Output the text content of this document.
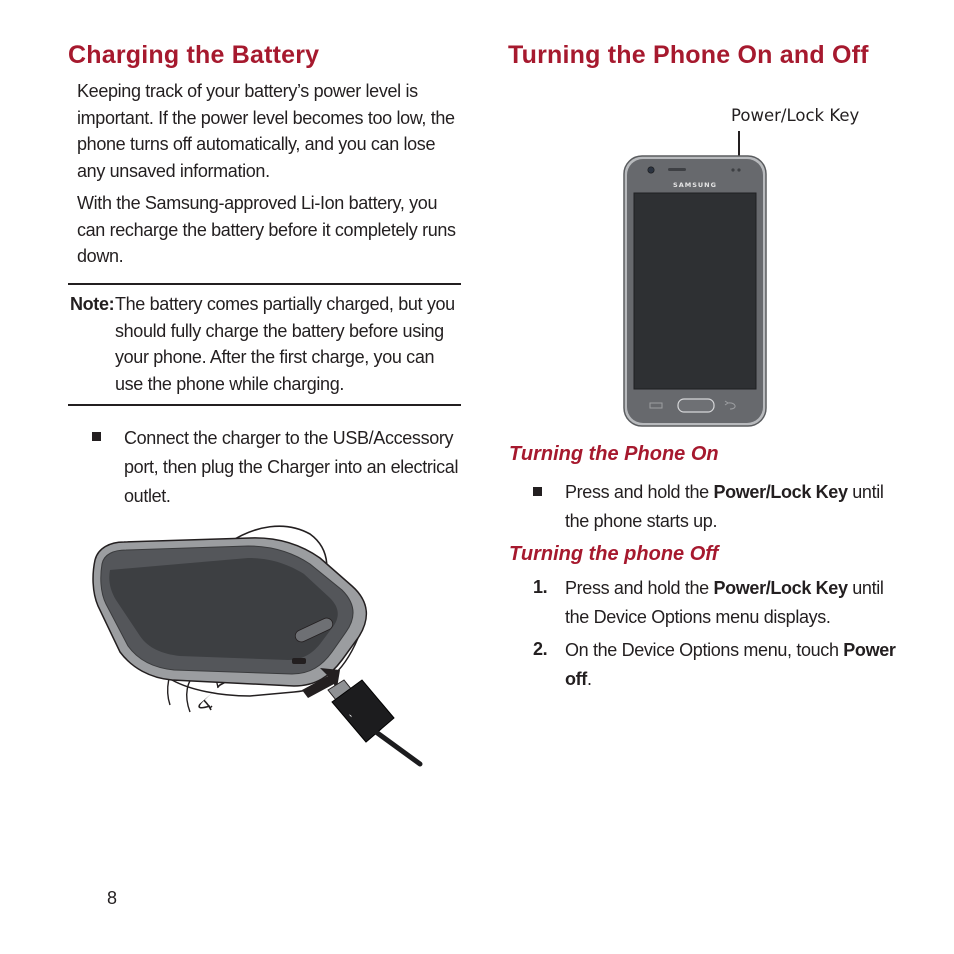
Charging the Battery
Keeping track of your battery’s power level is important. If the power level becomes too low, the phone turns off automatically, and you can lose any unsaved information.
With the Samsung-approved Li-Ion battery, you can recharge the battery before it completely runs down.
Note: The battery comes partially charged, but you should fully charge the battery before using your phone. After the first charge, you can use the phone while charging.
Connect the charger to the USB/Accessory port, then plug the Charger into an electrical outlet.
⌁
Turning the Phone On and Off
Power/Lock Key
SAMSUNG
Turning the Phone On
Press and hold the Power/Lock Key until the phone starts up.
Turning the phone Off
1. Press and hold the Power/Lock Key until the Device Options menu displays.
2. On the Device Options menu, touch Power off.
8
